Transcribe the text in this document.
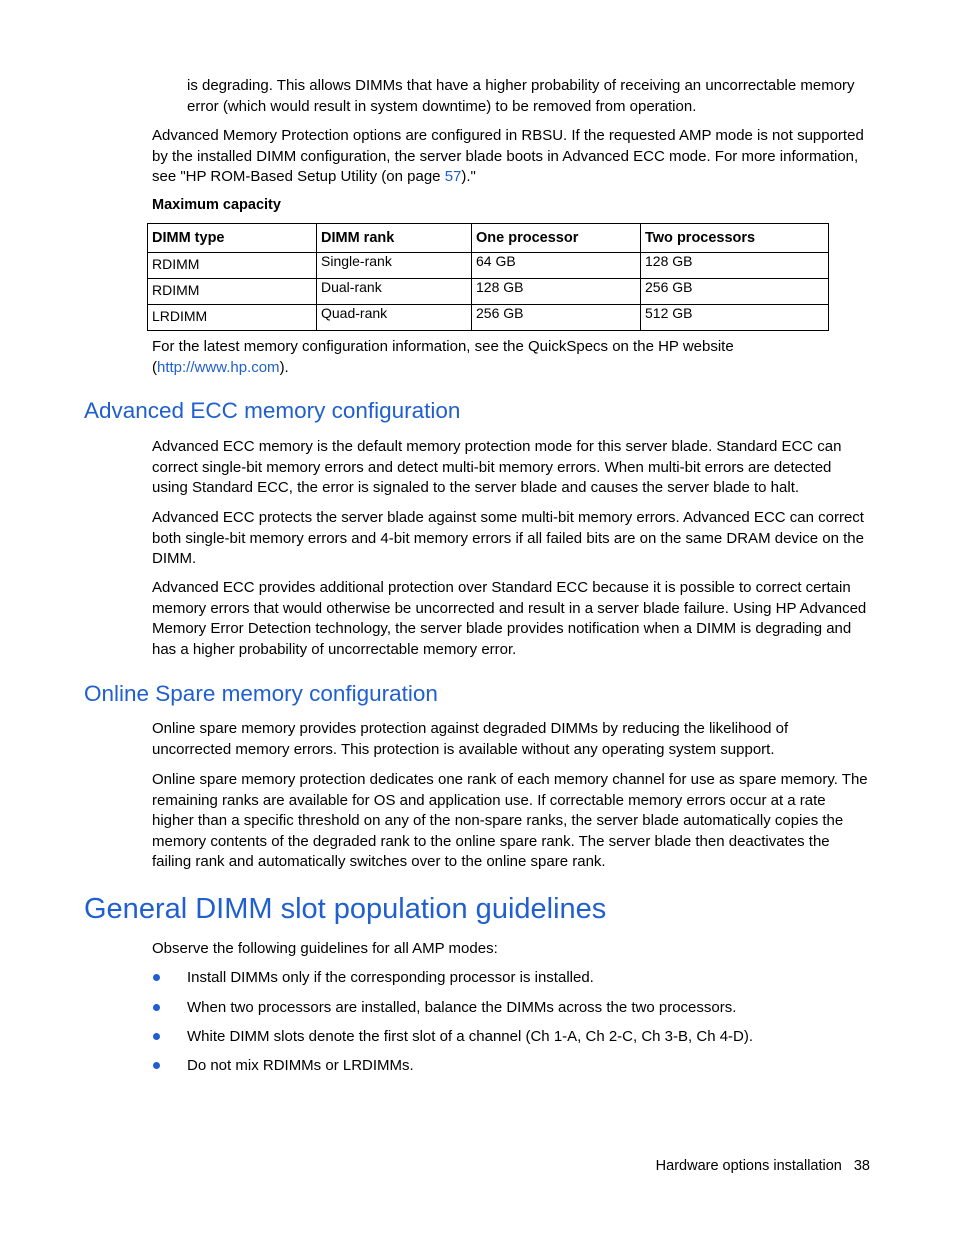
is degrading. This allows DIMMs that have a higher probability of receiving an uncorrectable memory error (which would result in system downtime) to be removed from operation.

Advanced Memory Protection options are configured in RBSU. If the requested AMP mode is not supported by the installed DIMM configuration, the server blade boots in Advanced ECC mode. For more information, see "HP ROM-Based Setup Utility (on page 57)."

Maximum capacity
DIMM type	DIMM rank	One processor	Two processors
RDIMM	Single-rank	64 GB	128 GB
RDIMM	Dual-rank	128 GB	256 GB
LRDIMM	Quad-rank	256 GB	512 GB

For the latest memory configuration information, see the QuickSpecs on the HP website (http://www.hp.com).

Advanced ECC memory configuration

Advanced ECC memory is the default memory protection mode for this server blade. Standard ECC can correct single-bit memory errors and detect multi-bit memory errors. When multi-bit errors are detected using Standard ECC, the error is signaled to the server blade and causes the server blade to halt.

Advanced ECC protects the server blade against some multi-bit memory errors. Advanced ECC can correct both single-bit memory errors and 4-bit memory errors if all failed bits are on the same DRAM device on the DIMM.

Advanced ECC provides additional protection over Standard ECC because it is possible to correct certain memory errors that would otherwise be uncorrected and result in a server blade failure. Using HP Advanced Memory Error Detection technology, the server blade provides notification when a DIMM is degrading and has a higher probability of uncorrectable memory error.

Online Spare memory configuration

Online spare memory provides protection against degraded DIMMs by reducing the likelihood of uncorrected memory errors. This protection is available without any operating system support.

Online spare memory protection dedicates one rank of each memory channel for use as spare memory. The remaining ranks are available for OS and application use. If correctable memory errors occur at a rate higher than a specific threshold on any of the non-spare ranks, the server blade automatically copies the memory contents of the degraded rank to the online spare rank. The server blade then deactivates the failing rank and automatically switches over to the online spare rank.

General DIMM slot population guidelines

Observe the following guidelines for all AMP modes:

Install DIMMs only if the corresponding processor is installed.
When two processors are installed, balance the DIMMs across the two processors.
White DIMM slots denote the first slot of a channel (Ch 1-A, Ch 2-C, Ch 3-B, Ch 4-D).
Do not mix RDIMMs or LRDIMMs.
Hardware options installation 38
